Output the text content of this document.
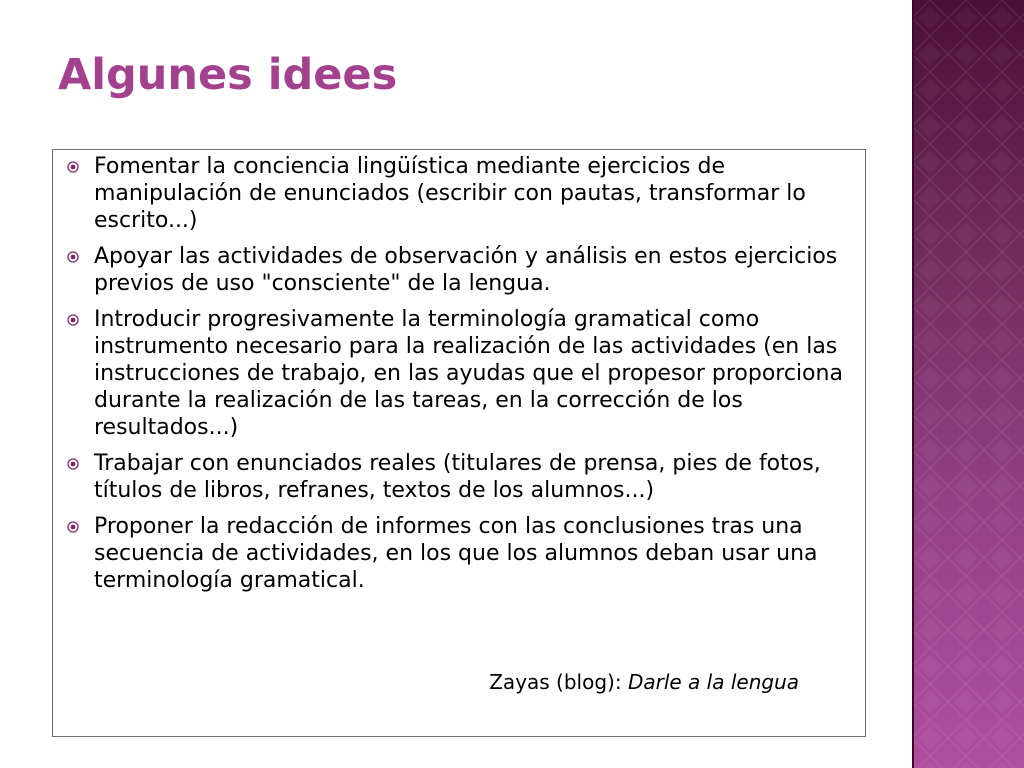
Algunes idees
Fomentar la conciencia lingüística mediante ejercicios de manipulación de enunciados (escribir con pautas, transformar lo escrito...)
Apoyar las actividades de observación y análisis en estos ejercicios previos de uso "consciente" de la lengua.
Introducir progresivamente la terminología gramatical como instrumento necesario para la realización de las actividades (en las instrucciones de trabajo, en las ayudas que el propesor proporciona durante la realización de las tareas, en la corrección de los resultados...)
Trabajar con enunciados reales (titulares de prensa, pies de fotos, títulos de libros, refranes, textos de los alumnos...)
Proponer la redacción de informes con las conclusiones tras una secuencia de actividades, en los que los alumnos deban usar una terminología gramatical.
Zayas (blog): Darle a la lengua
